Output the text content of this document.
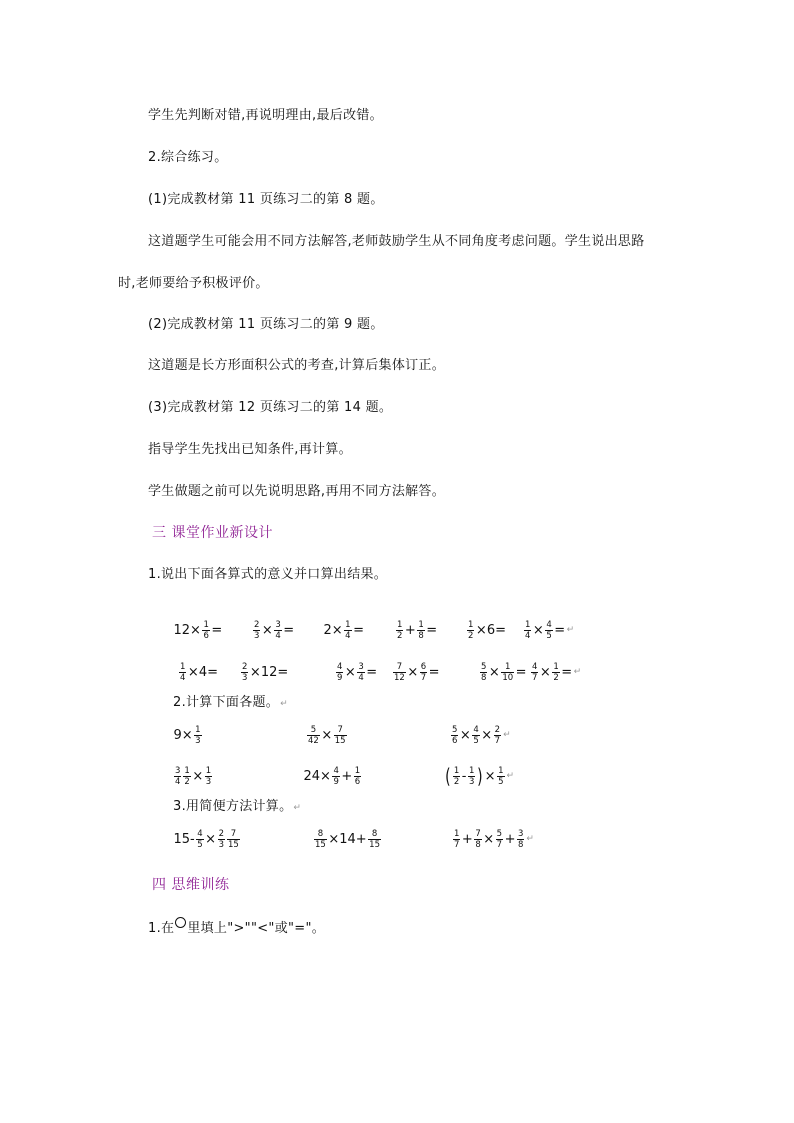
学生先判断对错,再说明理由,最后改错。
2.综合练习。
(1)完成教材第 11 页练习二的第 8 题。
这道题学生可能会用不同方法解答,老师鼓励学生从不同角度考虑问题。学生说出思路
时,老师要给予积极评价。
(2)完成教材第 11 页练习二的第 9 题。
这道题是长方形面积公式的考查,计算后集体订正。
(3)完成教材第 12 页练习二的第 14 题。
指导学生先找出已知条件,再计算。
学生做题之前可以先说明思路,再用不同方法解答。
三 课堂作业新设计
1.说出下面各算式的意义并口算出结果。
$12\times \frac{1}{6}$ =	$\frac{2}{3} \times \frac{3}{4} = 2\times \frac{1}{4}$ =	$\frac{1}{2} + \frac{1}{8}$ =	$\frac{1}{2} \times 6= \frac{1}{4} \times \frac{4}{5}$ = ↵
$\frac{1}{4} \times 4=$	$\frac{2}{3} \times 12=$	$\frac{4}{9} \times \frac{3}{4} = \frac{7}{12} \times \frac{6}{7}$ =	$\frac{5}{8} \times \frac{1}{10} = \frac{4}{7} \times \frac{1}{2}$ = ↵
2.计算下面各题。↵
$9\times \frac{1}{3}$	$\frac{5}{42} \times \frac{7}{15}$	$\frac{5}{6} \times \frac{4}{5} \times \frac{2}{7}$ ↵
$\frac{3}{4} \frac{1}{2} \times \frac{1}{3}$	$24\times \frac{4}{9} + \frac{1}{6}$	( $\frac{1}{2} - \frac{1}{3}$ ) × $\frac{1}{5}$ ↵
3.用简便方法计算。↵
$15- \frac{4}{5} \times \frac{2}{3} \frac{7}{15}$	$\frac{8}{15} \times 14+ \frac{8}{15}$	$\frac{1}{7} + \frac{7}{8} \times \frac{5}{7} + \frac{3}{8}$ ↵
四 思维训练
1.在 里填上">""<"或"="。
